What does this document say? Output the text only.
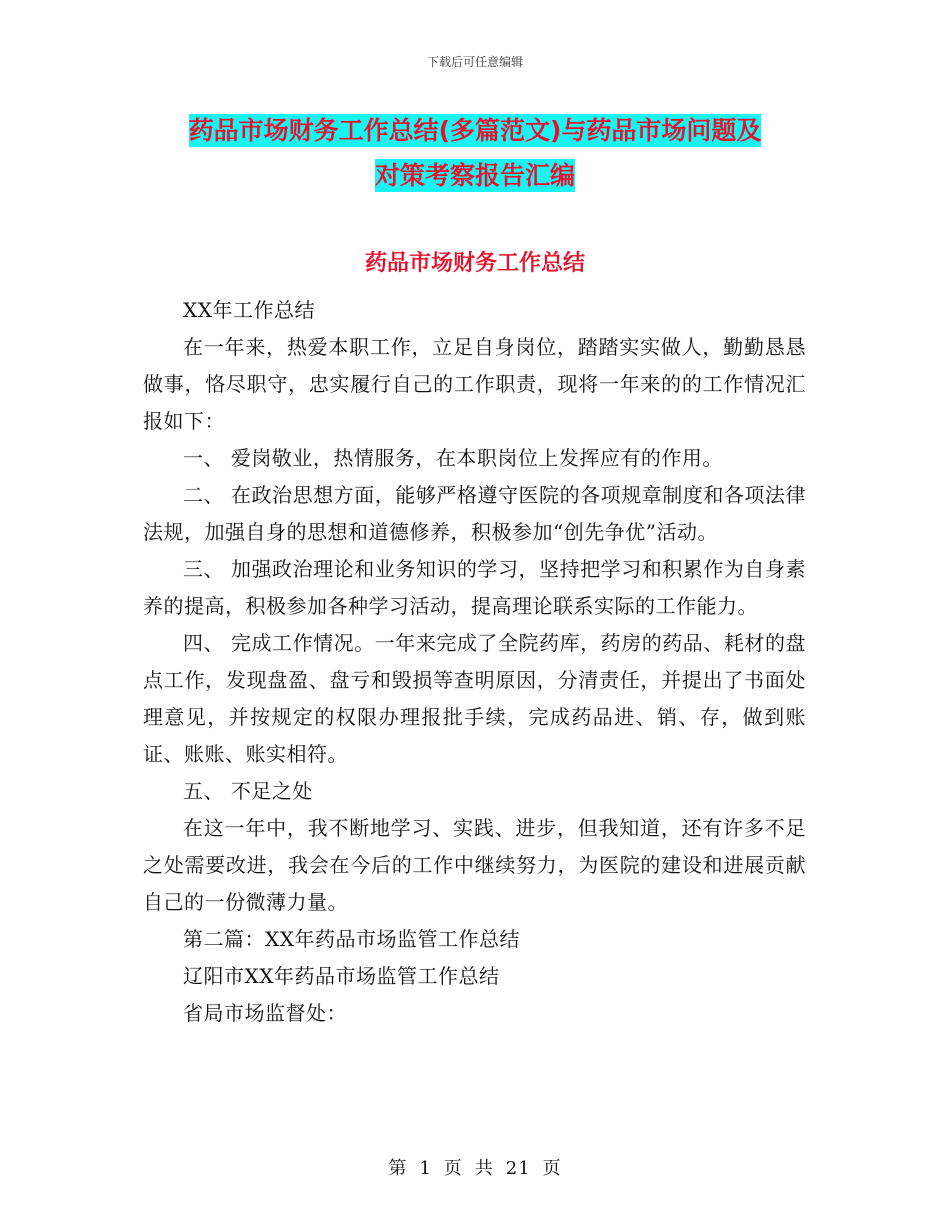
下载后可任意编辑
药品市场财务工作总结(多篇范文)与药品市场问题及
对策考察报告汇编
药品市场财务工作总结

XX年工作总结

在一年来，热爱本职工作，立足自身岗位，踏踏实实做人，勤勤恳恳做事，恪尽职守，忠实履行自己的工作职责，现将一年来的的工作情况汇报如下：

一、 爱岗敬业，热情服务，在本职岗位上发挥应有的作用。

二、 在政治思想方面，能够严格遵守医院的各项规章制度和各项法律法规，加强自身的思想和道德修养，积极参加“创先争优”活动。

三、 加强政治理论和业务知识的学习，坚持把学习和积累作为自身素养的提高，积极参加各种学习活动，提高理论联系实际的工作能力。

四、 完成工作情况。一年来完成了全院药库，药房的药品、耗材的盘点工作，发现盘盈、盘亏和毁损等查明原因，分清责任，并提出了书面处理意见，并按规定的权限办理报批手续，完成药品进、销、存，做到账证、账账、账实相符。

五、 不足之处

在这一年中，我不断地学习、实践、进步，但我知道，还有许多不足之处需要改进，我会在今后的工作中继续努力，为医院的建设和进展贡献自己的一份微薄力量。

第二篇：XX年药品市场监管工作总结

辽阳市XX年药品市场监管工作总结

省局市场监督处：

第 1 页 共 21 页
